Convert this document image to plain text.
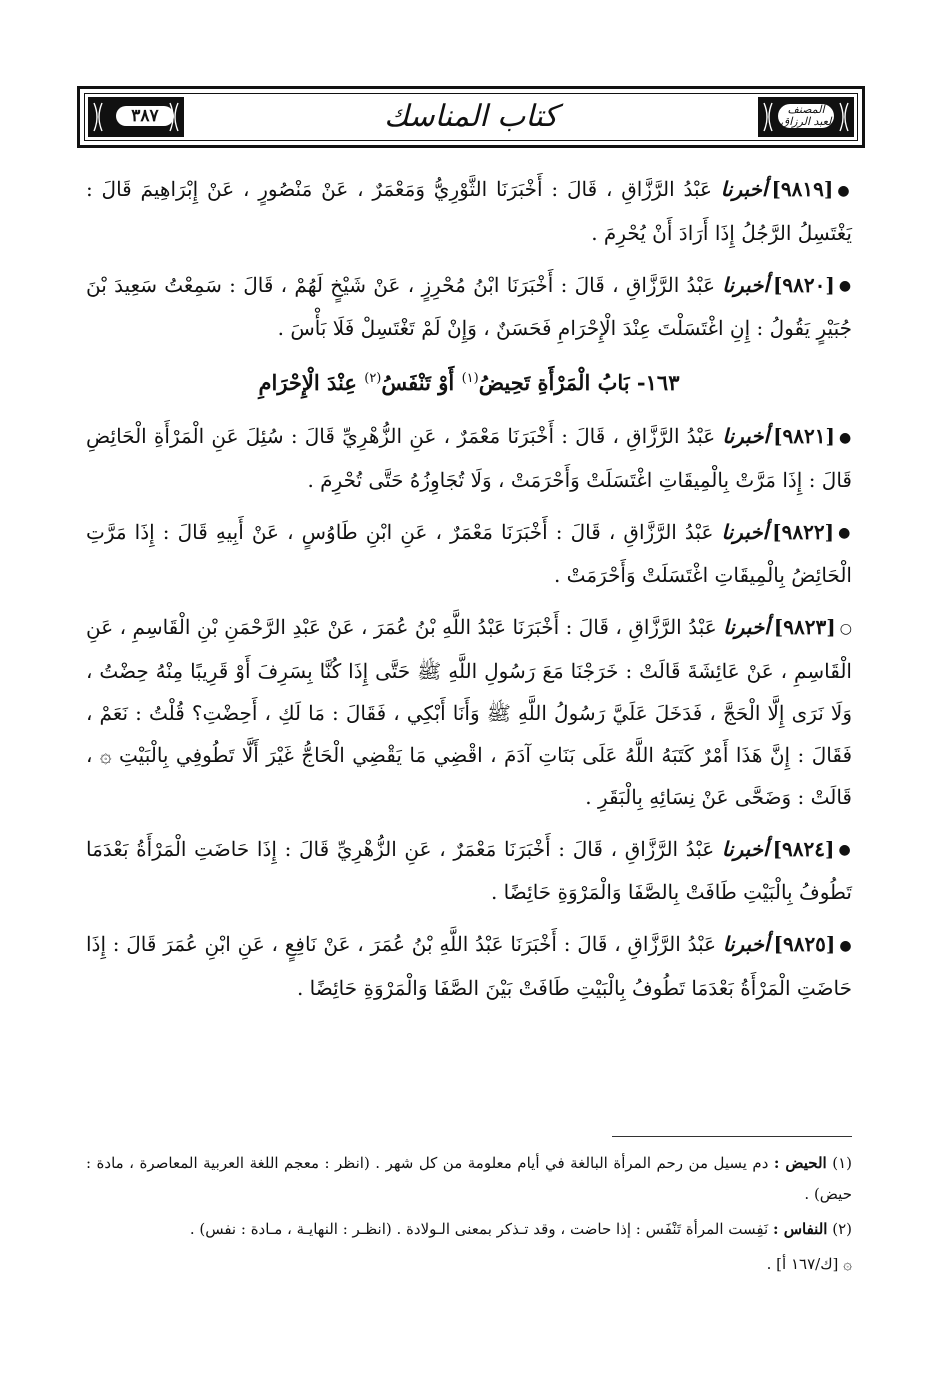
٣٨٧	كتاب المناسك	المصنف لعبد الرزاق

●[٩٨١٩]أخبرنا عَبْدُ الرَّزَّاقِ ، قَالَ : أَخْبَرَنَا الثَّوْرِيُّ وَمَعْمَرٌ ، عَنْ مَنْصُورٍ ، عَنْ إِبْرَاهِيمَ قَالَ : يَغْتَسِلُ الرَّجُلُ إِذَا أَرَادَ أَنْ يُحْرِمَ .

●[٩٨٢٠]أخبرنا عَبْدُ الرَّزَّاقِ ، قَالَ : أَخْبَرَنَا ابْنُ مُحْرِزٍ ، عَنْ شَيْخٍ لَهُمْ ، قَالَ : سَمِعْتُ سَعِيدَ بْنَ جُبَيْرٍ يَقُولُ : إِنِ اغْتَسَلْتَ عِنْدَ الْإِحْرَامِ فَحَسَنٌ ، وَإِنْ لَمْ تَغْتَسِلْ فَلَا بَأْسَ .

١٦٣- بَابُ الْمَرْأَةِ تَحِيضُ$^{(١)}$ أَوْ تَنْفَسُ$^{(٢)}$ عِنْدَ الْإِحْرَامِ

●[٩٨٢١]أخبرنا عَبْدُ الرَّزَّاقِ ، قَالَ : أَخْبَرَنَا مَعْمَرٌ ، عَنِ الزُّهْرِيِّ قَالَ : سُئِلَ عَنِ الْمَرْأَةِ الْحَائِضِ قَالَ : إِذَا مَرَّتْ بِالْمِيقَاتِ اغْتَسَلَتْ وَأَحْرَمَتْ ، وَلَا تُجَاوِزُهُ حَتَّى تُحْرِمَ .

●[٩٨٢٢]أخبرنا عَبْدُ الرَّزَّاقِ ، قَالَ : أَخْبَرَنَا مَعْمَرٌ ، عَنِ ابْنِ طَاوُسٍ ، عَنْ أَبِيهِ قَالَ : إِذَا مَرَّتِ الْحَائِضُ بِالْمِيقَاتِ اغْتَسَلَتْ وَأَحْرَمَتْ .

○[٩٨٢٣]أخبرنا عَبْدُ الرَّزَّاقِ ، قَالَ : أَخْبَرَنَا عَبْدُ اللَّهِ بْنُ عُمَرَ ، عَنْ عَبْدِ الرَّحْمَنِ بْنِ الْقَاسِمِ ، عَنِ الْقَاسِمِ ، عَنْ عَائِشَةَ قَالَتْ : خَرَجْنَا مَعَ رَسُولِ اللَّهِ ﷺ حَتَّى إِذَا كُنَّا بِسَرِفَ أَوْ قَرِيبًا مِنْهُ حِضْتُ ، وَلَا نَرَى إِلَّا الْحَجَّ ، فَدَخَلَ عَلَيَّ رَسُولُ اللَّهِ ﷺ وَأَنَا أَبْكِي ، فَقَالَ : مَا لَكِ ، أَحِضْتِ؟ قُلْتُ : نَعَمْ ، فَقَالَ : إِنَّ هَذَا أَمْرٌ كَتَبَهُ اللَّهُ عَلَى بَنَاتِ آدَمَ ، اقْضِي مَا يَقْضِي الْحَاجُّ غَيْرَ أَلَّا تَطُوفِي بِالْبَيْتِ ۞ ، قَالَتْ : وَضَحَّى عَنْ نِسَائِهِ بِالْبَقَرِ .

●[٩٨٢٤]أخبرنا عَبْدُ الرَّزَّاقِ ، قَالَ : أَخْبَرَنَا مَعْمَرٌ ، عَنِ الزُّهْرِيِّ قَالَ : إِذَا حَاضَتِ الْمَرْأَةُ بَعْدَمَا تَطُوفُ بِالْبَيْتِ طَافَتْ بِالصَّفَا وَالْمَرْوَةِ حَائِضًا .

●[٩٨٢٥]أخبرنا عَبْدُ الرَّزَّاقِ ، قَالَ : أَخْبَرَنَا عَبْدُ اللَّهِ بْنُ عُمَرَ ، عَنْ نَافِعٍ ، عَنِ ابْنِ عُمَرَ قَالَ : إِذَا حَاضَتِ الْمَرْأَةُ بَعْدَمَا تَطُوفُ بِالْبَيْتِ طَافَتْ بَيْنَ الصَّفَا وَالْمَرْوَةِ حَائِضًا .

(١) الحيض : دم يسيل من رحم المرأة البالغة في أيام معلومة من كل شهر . (انظر : معجم اللغة العربية المعاصرة ، مادة : حيض) .

(٢) النفاس : نَفِست المرأة تَنْفَس : إذا حاضت ، وقد تـذكر بمعنى الـولادة . (انظـر : النهايـة ، مـادة : نفس) .

۞ [ك/١٦٧ أ] .
